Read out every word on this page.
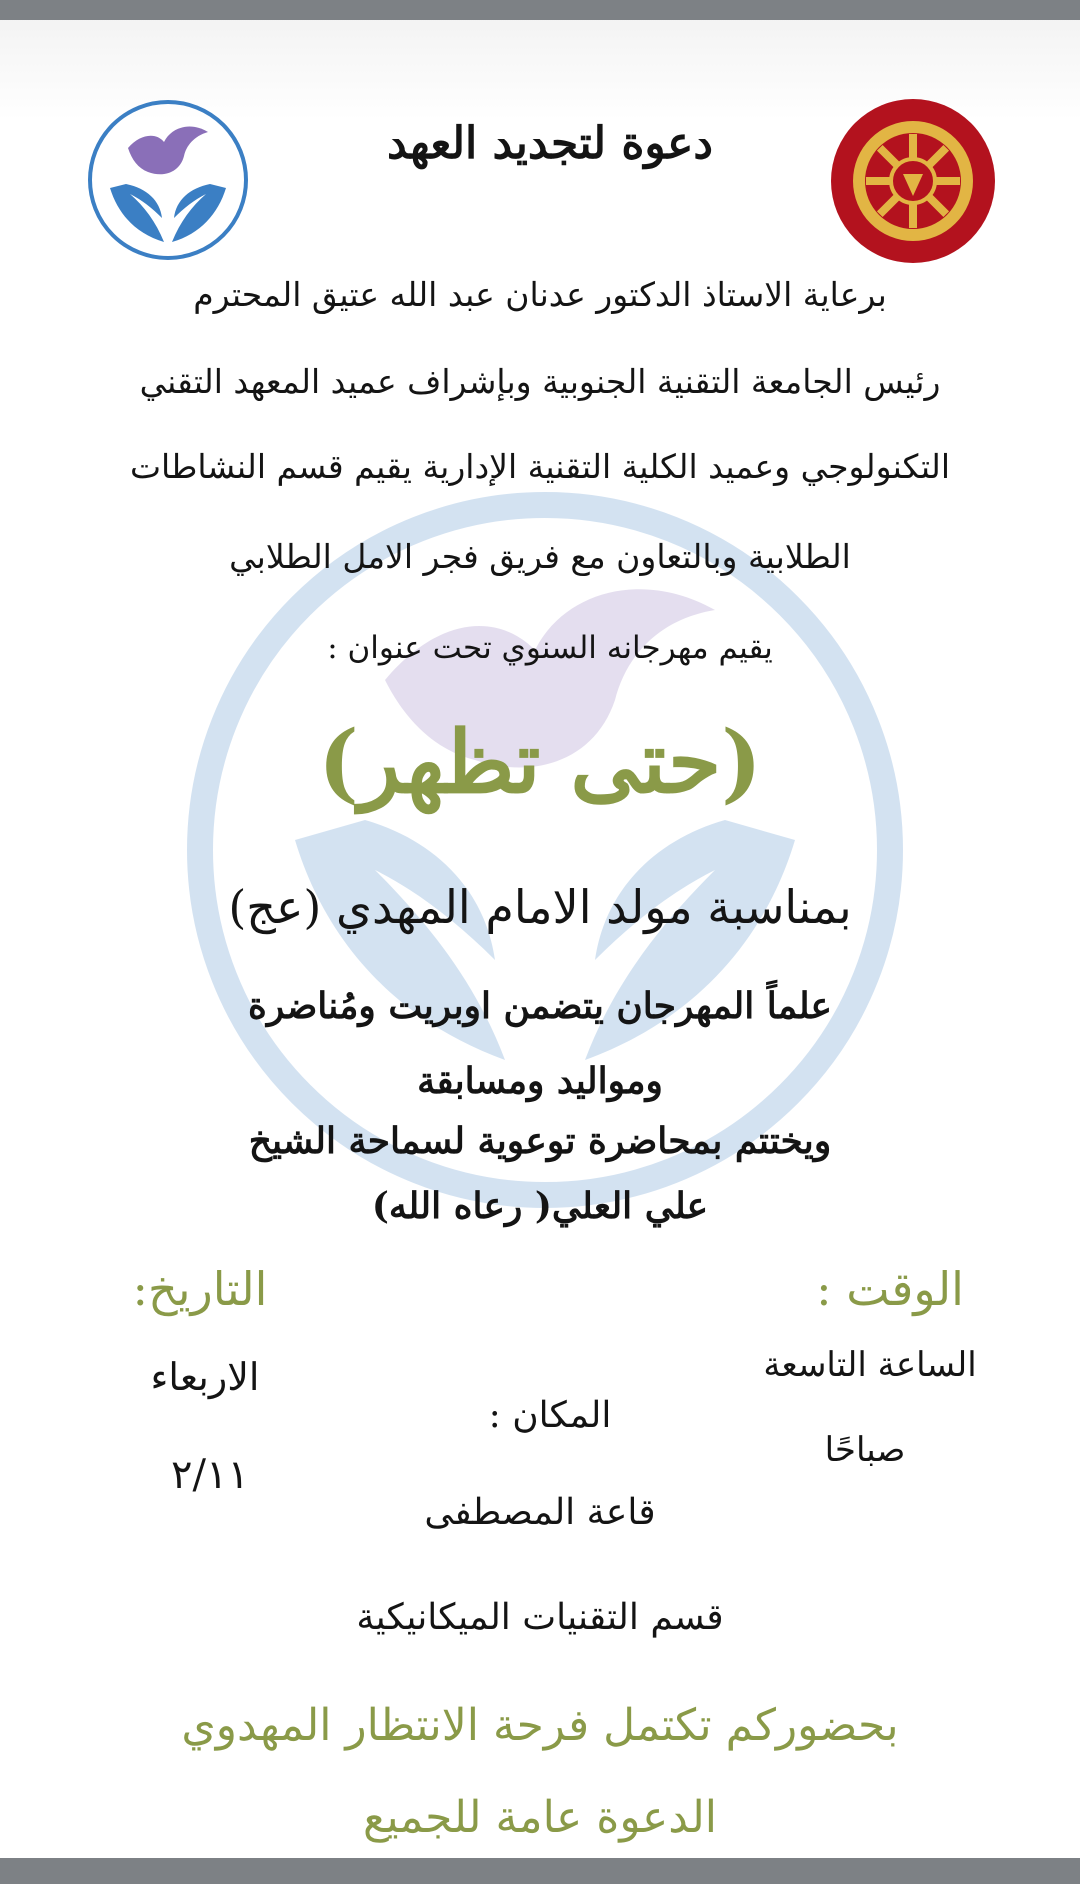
دعوة لتجديد العهد

برعاية الاستاذ الدكتور عدنان عبد الله عتيق المحترم

رئيس الجامعة التقنية الجنوبية وبإشراف عميد المعهد التقني

التكنولوجي وعميد الكلية التقنية الإدارية يقيم قسم النشاطات

الطلابية وبالتعاون مع فريق فجر الامل الطلابي

يقيم مهرجانه السنوي تحت عنوان :

(حتى تظهر)
بمناسبة مولد الامام المهدي (عج)

علماً المهرجان يتضمن اوبريت ومُناضرة

ومواليد ومسابقة

ويختتم بمحاضرة توعوية لسماحة الشيخ

علي العلي( رعاه الله)

الوقت :
الساعة التاسعة
صباحًا
التاريخ:
الاربعاء
٢/١١
المكان :
قاعة المصطفى
قسم التقنيات الميكانيكية

بحضوركم تكتمل فرحة الانتظار المهدوي

الدعوة عامة للجميع
